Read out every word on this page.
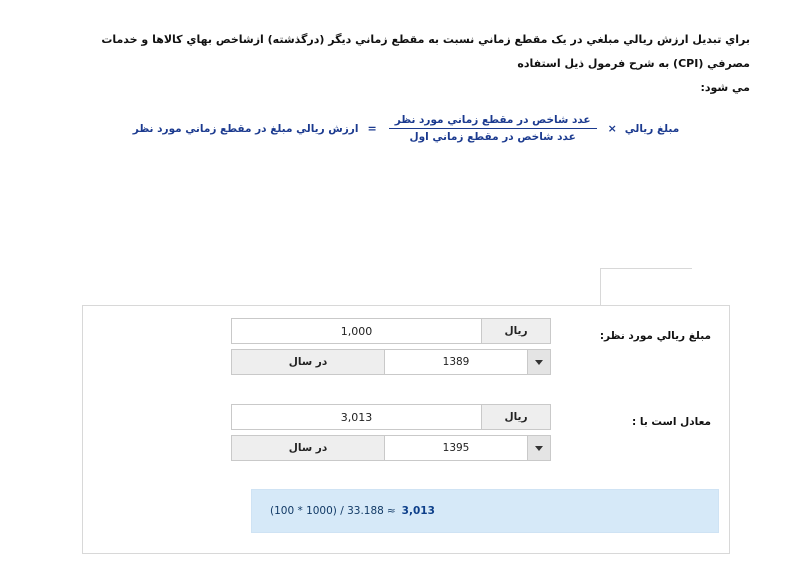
براي تبديل ارزش ريالي مبلغي در يک مقطع زماني نسبت به مقطع زماني ديگر (درگذشته) ازشاخص بهاي کالاها و خدمات مصرفي (CPI) به شرح فرمول ذيل استفاده
مي شود:
مبلغ ريالي
×
$\frac{\text{عدد شاخص در مقطع زماني مورد نظر}}{\text{عدد شاخص در مقطع زماني اول}}$
=
ارزش ريالي مبلغ در مقطع زماني مورد نظر
مبلغ ريالي مورد نظر:
ريال
1,000
1389
در سال
معادل است با :
ريال
3,013
1395
در سال
(100 * 1000) / 33.188 ≈ 3,013
